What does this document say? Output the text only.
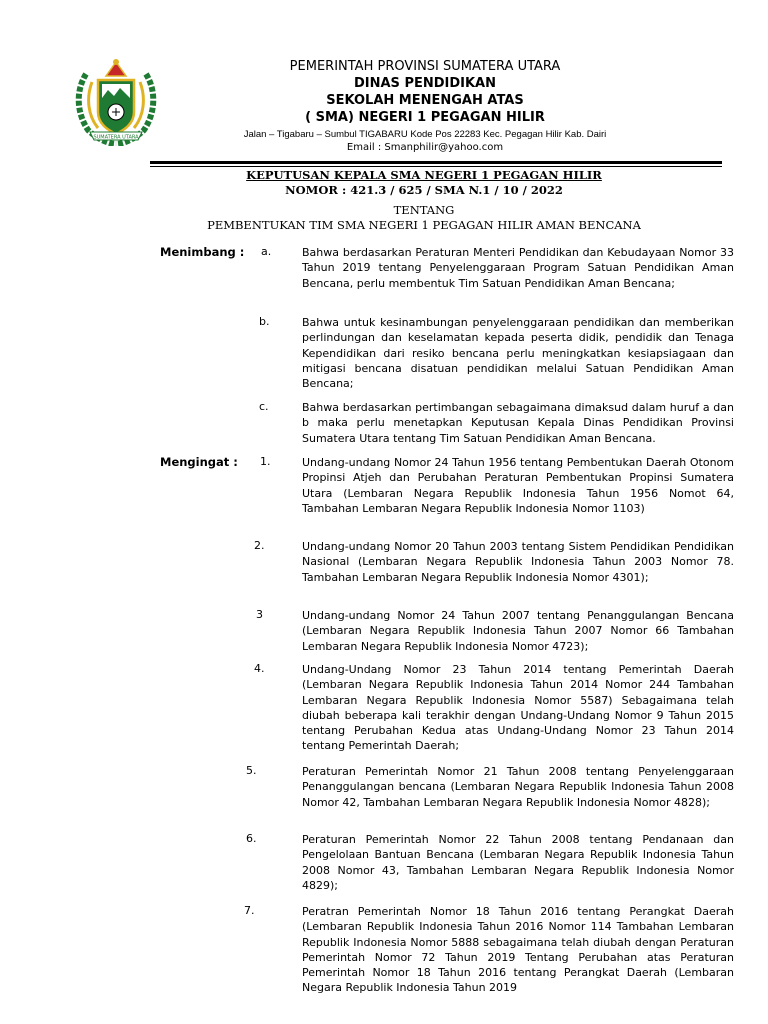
SUMATERA UTARA
PEMERINTAH PROVINSI SUMATERA UTARA
DINAS PENDIDIKAN
SEKOLAH MENENGAH ATAS
( SMA) NEGERI 1 PEGAGAN HILIR
Jalan – Tigabaru – Sumbul TIGABARU Kode Pos 22283 Kec. Pegagan Hilir Kab. Dairi
Email : Smanphilir@yahoo.com
KEPUTUSAN KEPALA SMA NEGERI 1 PEGAGAN HILIR
NOMOR : 421.3 / 625 / SMA N.1 / 10 / 2022
TENTANG
PEMBENTUKAN TIM SMA NEGERI 1 PEGAGAN HILIR AMAN BENCANA
Menimbang : a.	Bahwa berdasarkan Peraturan Menteri Pendidikan dan Kebudayaan Nomor 33 Tahun 2019 tentang Penyelenggaraan Program Satuan Pendidikan Aman Bencana, perlu membentuk Tim Satuan Pendidikan Aman Bencana;
b.	Bahwa untuk kesinambungan penyelenggaraan pendidikan dan memberikan perlindungan dan keselamatan kepada peserta didik, pendidik dan Tenaga Kependidikan dari resiko bencana perlu meningkatkan kesiapsiagaan dan mitigasi bencana disatuan pendidikan melalui Satuan Pendidikan Aman Bencana;
c.	Bahwa berdasarkan pertimbangan sebagaimana dimaksud dalam huruf a dan b maka perlu menetapkan Keputusan Kepala Dinas Pendidikan Provinsi Sumatera Utara tentang Tim Satuan Pendidikan Aman Bencana.
Mengingat : 1.	Undang-undang Nomor 24 Tahun 1956 tentang Pembentukan Daerah Otonom Propinsi Atjeh dan Perubahan Peraturan Pembentukan Propinsi Sumatera Utara (Lembaran Negara Republik Indonesia Tahun 1956 Nomot 64, Tambahan Lembaran Negara Republik Indonesia Nomor 1103)
2.	Undang-undang Nomor 20 Tahun 2003 tentang Sistem Pendidikan Pendidikan Nasional (Lembaran Negara Republik Indonesia Tahun 2003 Nomor 78. Tambahan Lembaran Negara Republik Indonesia Nomor 4301);
3	Undang-undang Nomor 24 Tahun 2007 tentang Penanggulangan Bencana (Lembaran Negara Republik Indonesia Tahun 2007 Nomor 66 Tambahan Lembaran Negara Republik Indonesia Nomor 4723);
4.	Undang-Undang Nomor 23 Tahun 2014 tentang Pemerintah Daerah (Lembaran Negara Republik Indonesia Tahun 2014 Nomor 244 Tambahan Lembaran Negara Republik Indonesia Nomor 5587) Sebagaimana telah diubah beberapa kali terakhir dengan Undang-Undang Nomor 9 Tahun 2015 tentang Perubahan Kedua atas Undang-Undang Nomor 23 Tahun 2014 tentang Pemerintah Daerah;
5.	Peraturan Pemerintah Nomor 21 Tahun 2008 tentang Penyelenggaraan Penanggulangan bencana (Lembaran Negara Republik Indonesia Tahun 2008 Nomor 42, Tambahan Lembaran Negara Republik Indonesia Nomor 4828);
6.	Peraturan Pemerintah Nomor 22 Tahun 2008 tentang Pendanaan dan Pengelolaan Bantuan Bencana (Lembaran Negara Republik Indonesia Tahun 2008 Nomor 43, Tambahan Lembaran Negara Republik Indonesia Nomor 4829);
7.	Peratran Pemerintah Nomor 18 Tahun 2016 tentang Perangkat Daerah (Lembaran Republik Indonesia Tahun 2016 Nomor 114 Tambahan Lembaran Republik Indonesia Nomor 5888 sebagaimana telah diubah dengan Peraturan Pemerintah Nomor 72 Tahun 2019 Tentang Perubahan atas Peraturan Pemerintah Nomor 18 Tahun 2016 tentang Perangkat Daerah (Lembaran Negara Republik Indonesia Tahun 2019
